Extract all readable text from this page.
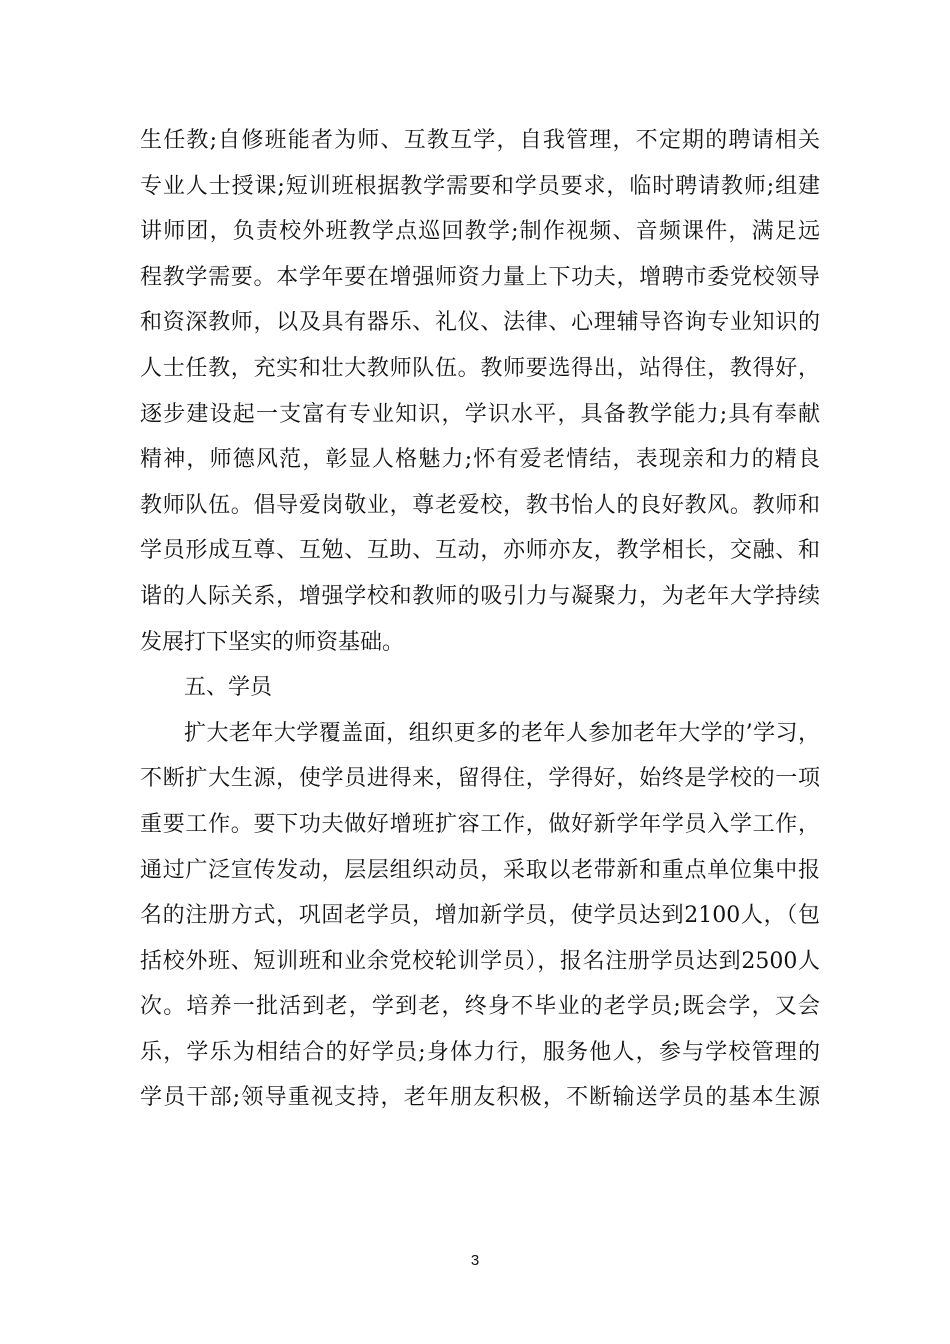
生任教;自修班能者为师、互教互学，自我管理，不定期的聘请相关
专业人士授课;短训班根据教学需要和学员要求，临时聘请教师;组建
讲师团，负责校外班教学点巡回教学;制作视频、音频课件，满足远
程教学需要。本学年要在增强师资力量上下功夫，增聘市委党校领导
和资深教师，以及具有器乐、礼仪、法律、心理辅导咨询专业知识的
人士任教，充实和壮大教师队伍。教师要选得出，站得住，教得好，
逐步建设起一支富有专业知识，学识水平，具备教学能力;具有奉献
精神，师德风范，彰显人格魅力;怀有爱老情结，表现亲和力的精良
教师队伍。倡导爱岗敬业，尊老爱校，教书怡人的良好教风。教师和
学员形成互尊、互勉、互助、互动，亦师亦友，教学相长，交融、和
谐的人际关系，增强学校和教师的吸引力与凝聚力，为老年大学持续
发展打下坚实的师资基础。
五、学员
扩大老年大学覆盖面，组织更多的老年人参加老年大学的’学习，
不断扩大生源，使学员进得来，留得住，学得好，始终是学校的一项
重要工作。要下功夫做好增班扩容工作，做好新学年学员入学工作，
通过广泛宣传发动，层层组织动员，采取以老带新和重点单位集中报
名的注册方式，巩固老学员，增加新学员，使学员达到2100人，（包
括校外班、短训班和业余党校轮训学员），报名注册学员达到2500人
次。培养一批活到老，学到老，终身不毕业的老学员;既会学，又会
乐，学乐为相结合的好学员;身体力行，服务他人，参与学校管理的
学员干部;领导重视支持，老年朋友积极，不断输送学员的基本生源
3
